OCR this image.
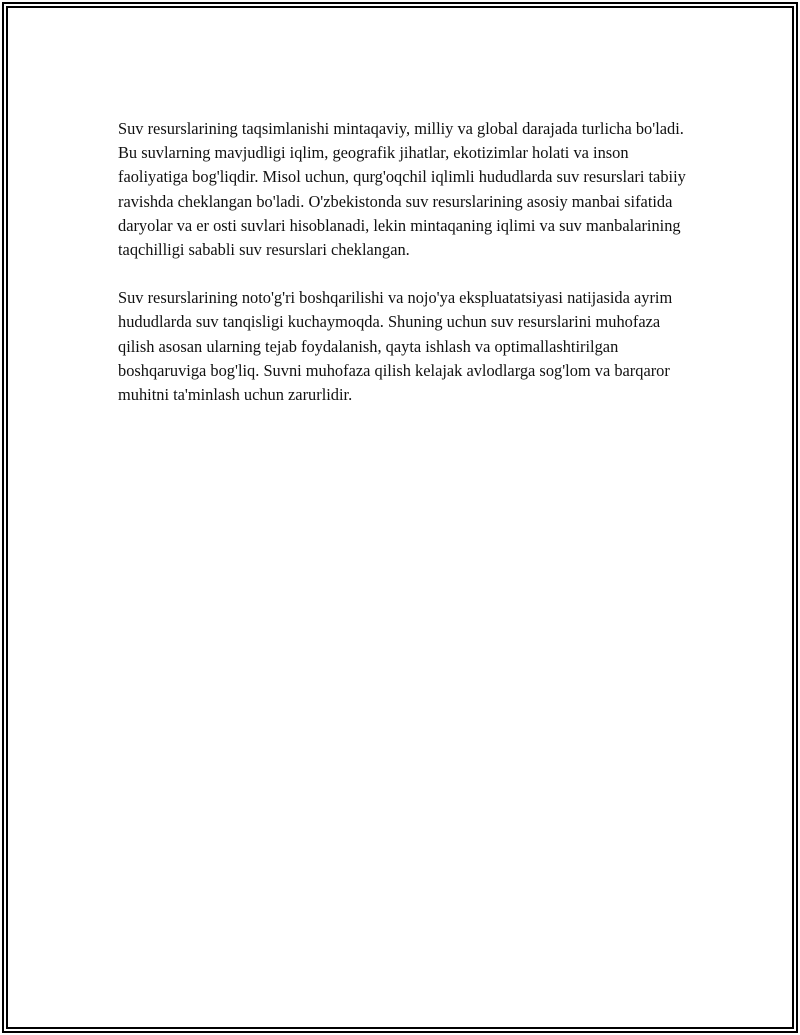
Suv resurslarining taqsimlanishi mintaqaviy, milliy va global darajada turlicha bo'ladi. Bu suvlarning mavjudligi iqlim, geografik jihatlar, ekotizimlar holati va inson faoliyatiga bog'liqdir. Misol uchun, qurg'oqchil iqlimli hududlarda suv resurslari tabiiy ravishda cheklangan bo'ladi. O'zbekistonda suv resurslarining asosiy manbai sifatida daryolar va er osti suvlari hisoblanadi, lekin mintaqaning iqlimi va suv manbalarining taqchilligi sababli suv resurslari cheklangan.

Suv resurslarining noto'g'ri boshqarilishi va nojo'ya ekspluatatsiyasi natijasida ayrim hududlarda suv tanqisligi kuchaymoqda. Shuning uchun suv resurslarini muhofaza qilish asosan ularning tejab foydalanish, qayta ishlash va optimallashtirilgan boshqaruviga bog'liq. Suvni muhofaza qilish kelajak avlodlarga sog'lom va barqaror muhitni ta'minlash uchun zarurlidir.
